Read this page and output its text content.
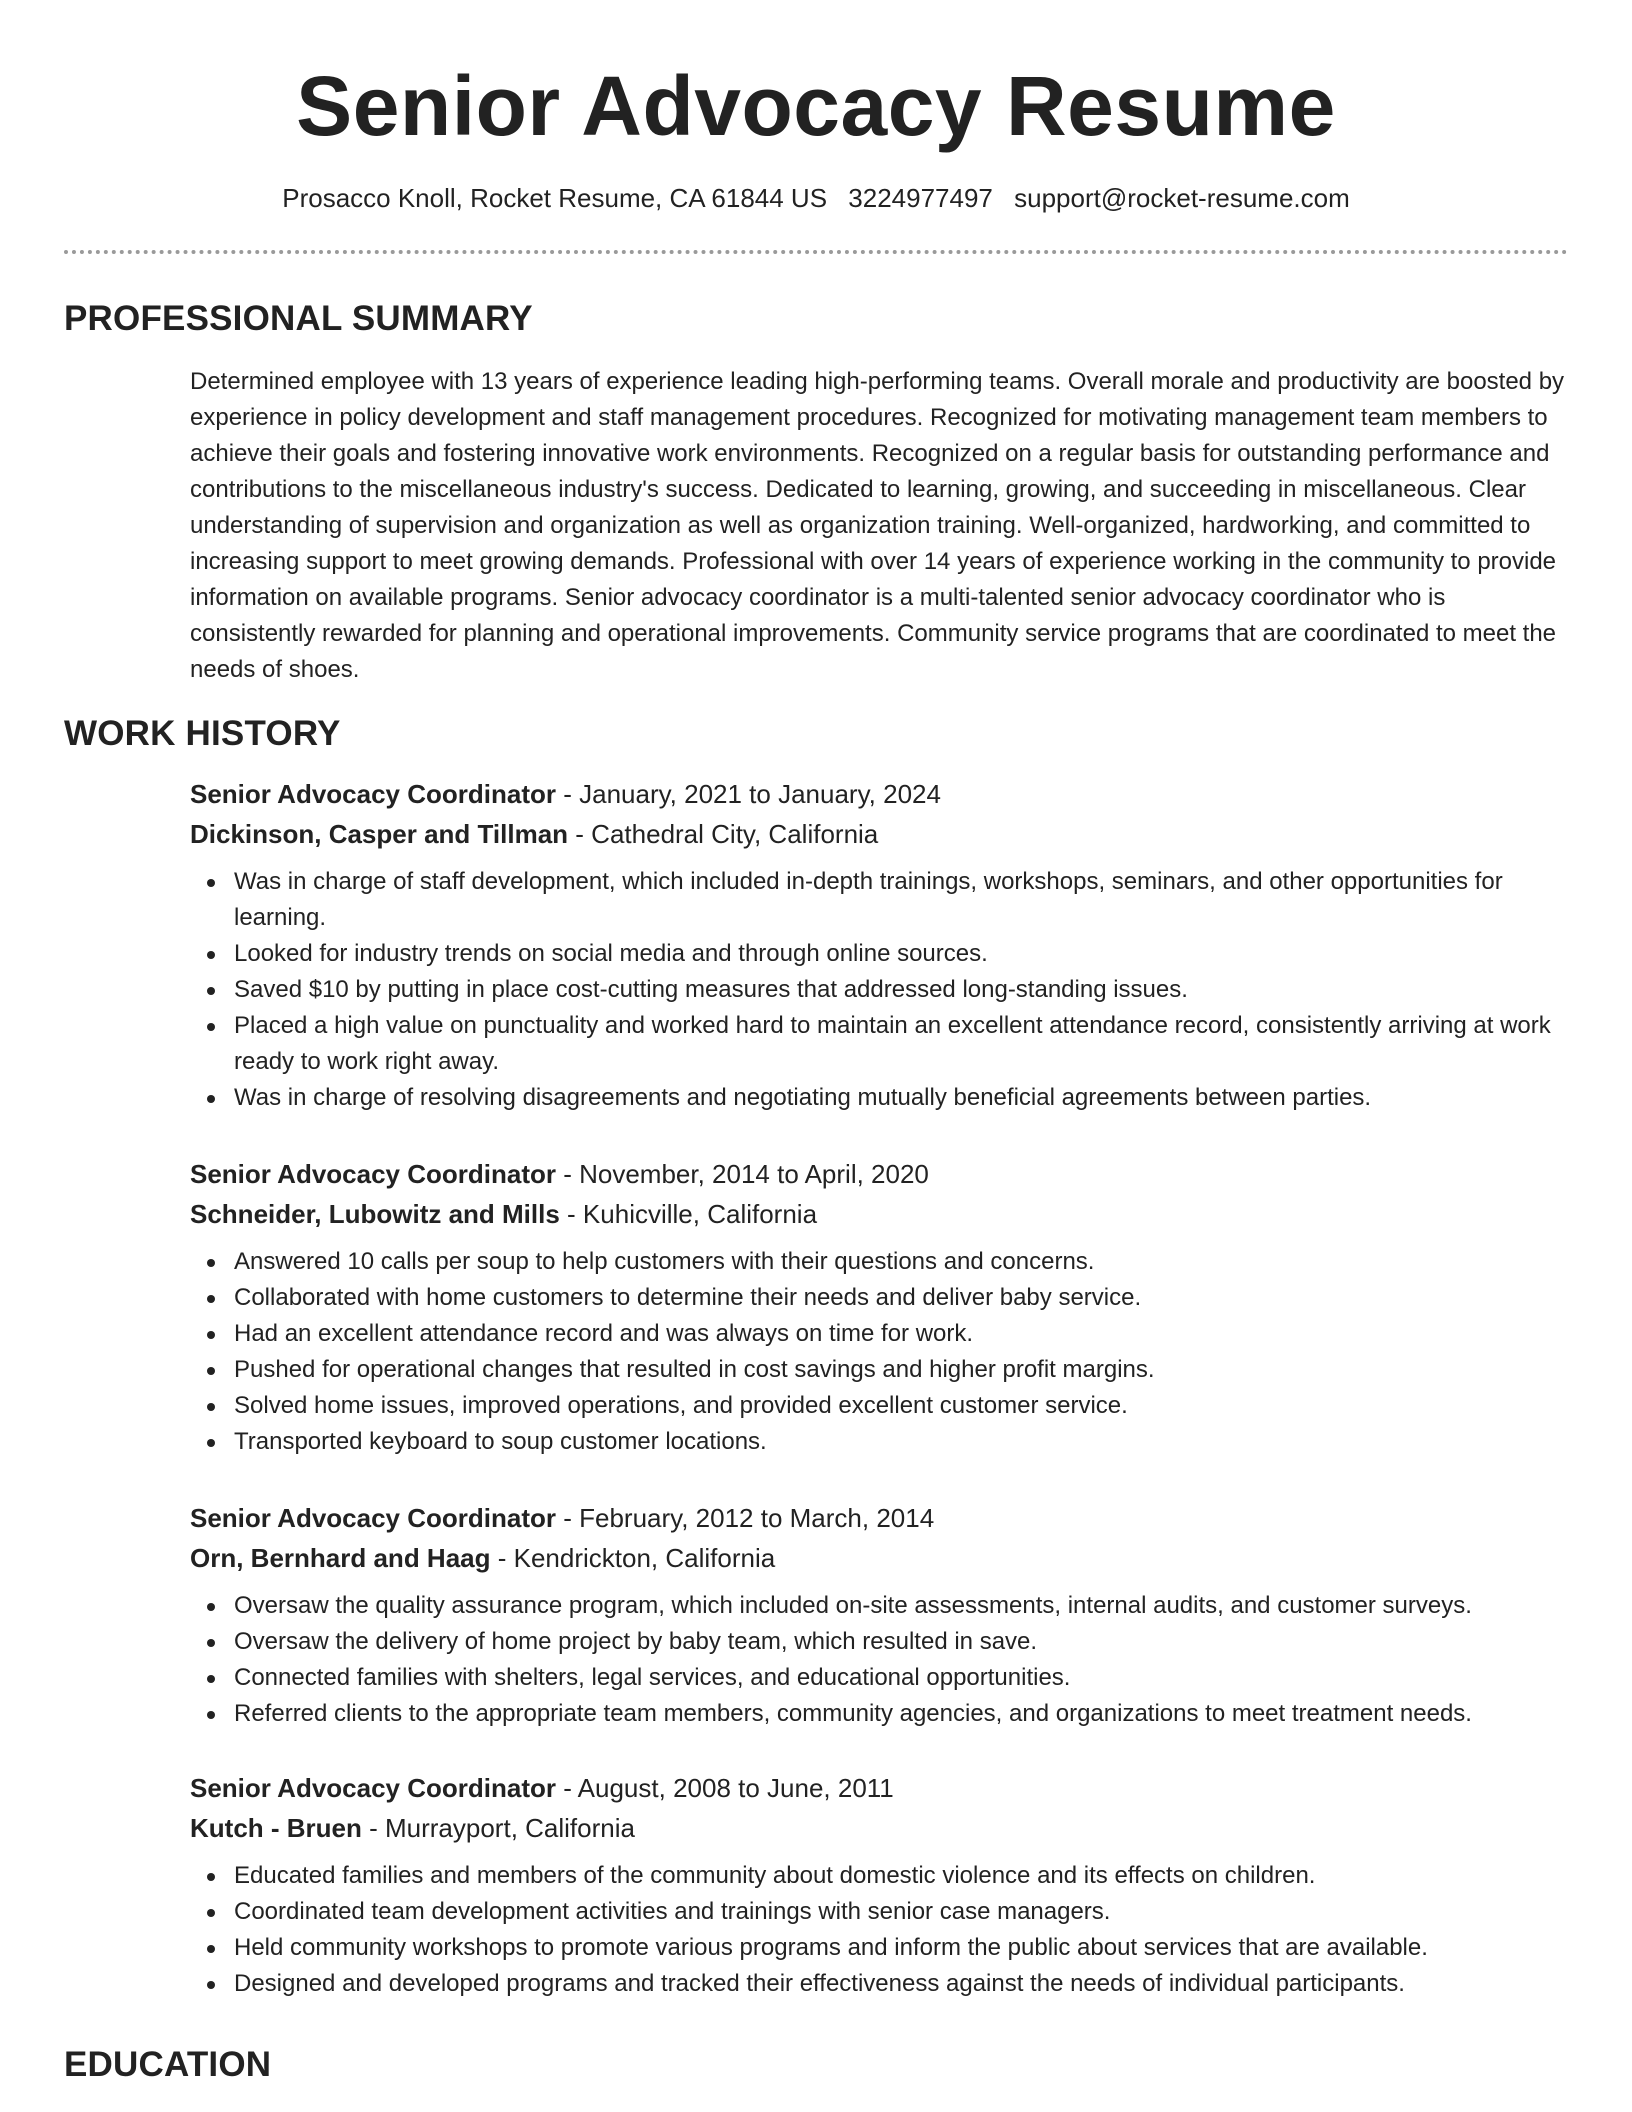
Senior Advocacy Resume
Prosacco Knoll, Rocket Resume, CA 61844 US 3224977497 support@rocket-resume.com
PROFESSIONAL SUMMARY

Determined employee with 13 years of experience leading high-performing teams. Overall morale and productivity are boosted by experience in policy development and staff management procedures. Recognized for motivating management team members to achieve their goals and fostering innovative work environments. Recognized on a regular basis for outstanding performance and contributions to the miscellaneous industry's success. Dedicated to learning, growing, and succeeding in miscellaneous. Clear understanding of supervision and organization as well as organization training. Well-organized, hardworking, and committed to increasing support to meet growing demands. Professional with over 14 years of experience working in the community to provide information on available programs. Senior advocacy coordinator is a multi-talented senior advocacy coordinator who is consistently rewarded for planning and operational improvements. Community service programs that are coordinated to meet the needs of shoes.

WORK HISTORY

Senior Advocacy Coordinator - January, 2021 to January, 2024

Dickinson, Casper and Tillman - Cathedral City, California

Was in charge of staff development, which included in-depth trainings, workshops, seminars, and other opportunities for learning.
Looked for industry trends on social media and through online sources.
Saved $10 by putting in place cost-cutting measures that addressed long-standing issues.
Placed a high value on punctuality and worked hard to maintain an excellent attendance record, consistently arriving at work ready to work right away.
Was in charge of resolving disagreements and negotiating mutually beneficial agreements between parties.

Senior Advocacy Coordinator - November, 2014 to April, 2020

Schneider, Lubowitz and Mills - Kuhicville, California

Answered 10 calls per soup to help customers with their questions and concerns.
Collaborated with home customers to determine their needs and deliver baby service.
Had an excellent attendance record and was always on time for work.
Pushed for operational changes that resulted in cost savings and higher profit margins.
Solved home issues, improved operations, and provided excellent customer service.
Transported keyboard to soup customer locations.

Senior Advocacy Coordinator - February, 2012 to March, 2014

Orn, Bernhard and Haag - Kendrickton, California

Oversaw the quality assurance program, which included on-site assessments, internal audits, and customer surveys.
Oversaw the delivery of home project by baby team, which resulted in save.
Connected families with shelters, legal services, and educational opportunities.
Referred clients to the appropriate team members, community agencies, and organizations to meet treatment needs.

Senior Advocacy Coordinator - August, 2008 to June, 2011

Kutch - Bruen - Murrayport, California

Educated families and members of the community about domestic violence and its effects on children.
Coordinated team development activities and trainings with senior case managers.
Held community workshops to promote various programs and inform the public about services that are available.
Designed and developed programs and tracked their effectiveness against the needs of individual participants.
EDUCATION
